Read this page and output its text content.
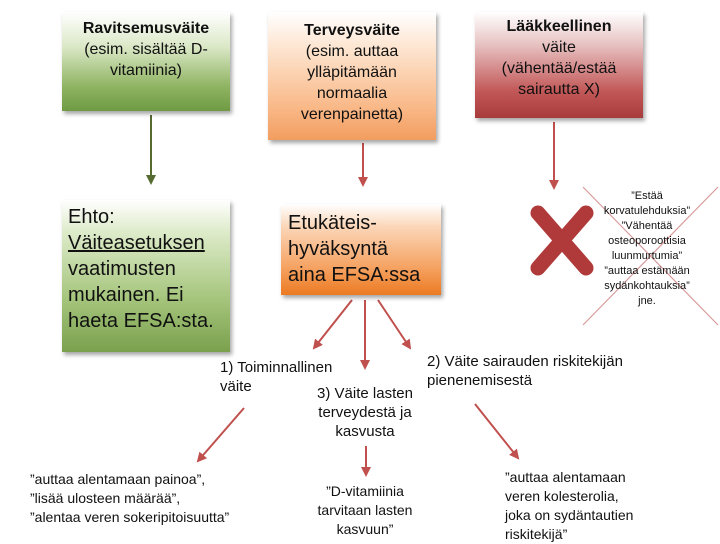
Ravitsemusväite
(esim. sisältää D-
vitamiinia)
Terveysväite
(esim. auttaa
ylläpitämään
normaalia
verenpainetta)
Lääkkeellinen
väite
(vähentää/estää
sairautta X)
Ehto:
Väiteasetuksen
vaatimusten
mukainen. Ei
haeta EFSA:sta.
Etukäteis-
hyväksyntä
aina EFSA:ssa
1) Toiminnallinen
väite
2) Väite sairauden riskitekijän
pienenemisestä
3) Väite lasten
terveydestä ja
kasvusta
”auttaa alentamaan painoa”,
”lisää ulosteen määrää”,
”alentaa veren sokeripitoisuutta”
”D-vitamiinia
tarvitaan lasten
kasvuun”
”auttaa alentamaan
veren kolesterolia,
joka on sydäntautien
riskitekijä”
”Estää
korvatulehduksia”
”Vähentää
osteoporoottisia
luunmurtumia”
”auttaa estämään
sydänkohtauksia”
jne.
